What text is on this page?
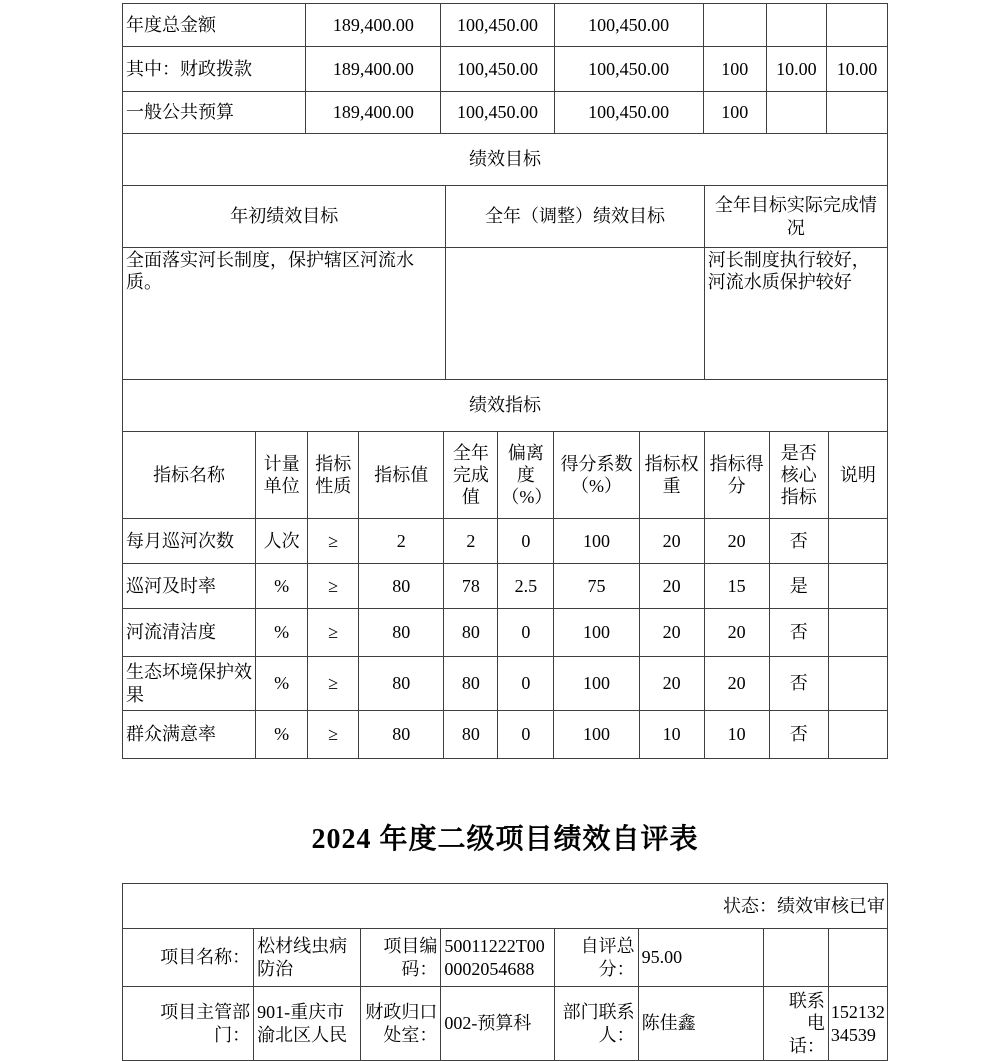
年度总金额	189,400.00	100,450.00	100,450.00			
其中：财政拨款	189,400.00	100,450.00	100,450.00	100	10.00	10.00
一般公共预算	189,400.00	100,450.00	100,450.00	100		
绩效目标		
年初绩效目标	全年（调整）绩效目标	全年目标实际完成情况
全面落实河长制度，保护辖区河流水质。		河长制度执行较好，河流水质保护较好
绩效指标										
指标名称	计量单位	指标性质	指标值	全年完成值	偏离度（%）	得分系数（%）	指标权重	指标得分	是否核心指标	说明
每月巡河次数	人次	≥	2	2	0	100	20	20	否	
巡河及时率	%	≥	80	78	2.5	75	20	15	是	
河流清洁度	%	≥	80	80	0	100	20	20	否	
生态坏境保护效果	%	≥	80	80	0	100	20	20	否	
群众满意率	%	≥	80	80	0	100	10	10	否	
2024 年度二级项目绩效自评表
状态：绩效审核已审							
项目名称：	松材线虫病防治	项目编码：	50011222T000002054688	自评总分：	95.00		
项目主管部门：	901-重庆市渝北区人民	财政归口处室：	002-预算科	部门联系人：	陈佳鑫	联系电话：	15213234539
